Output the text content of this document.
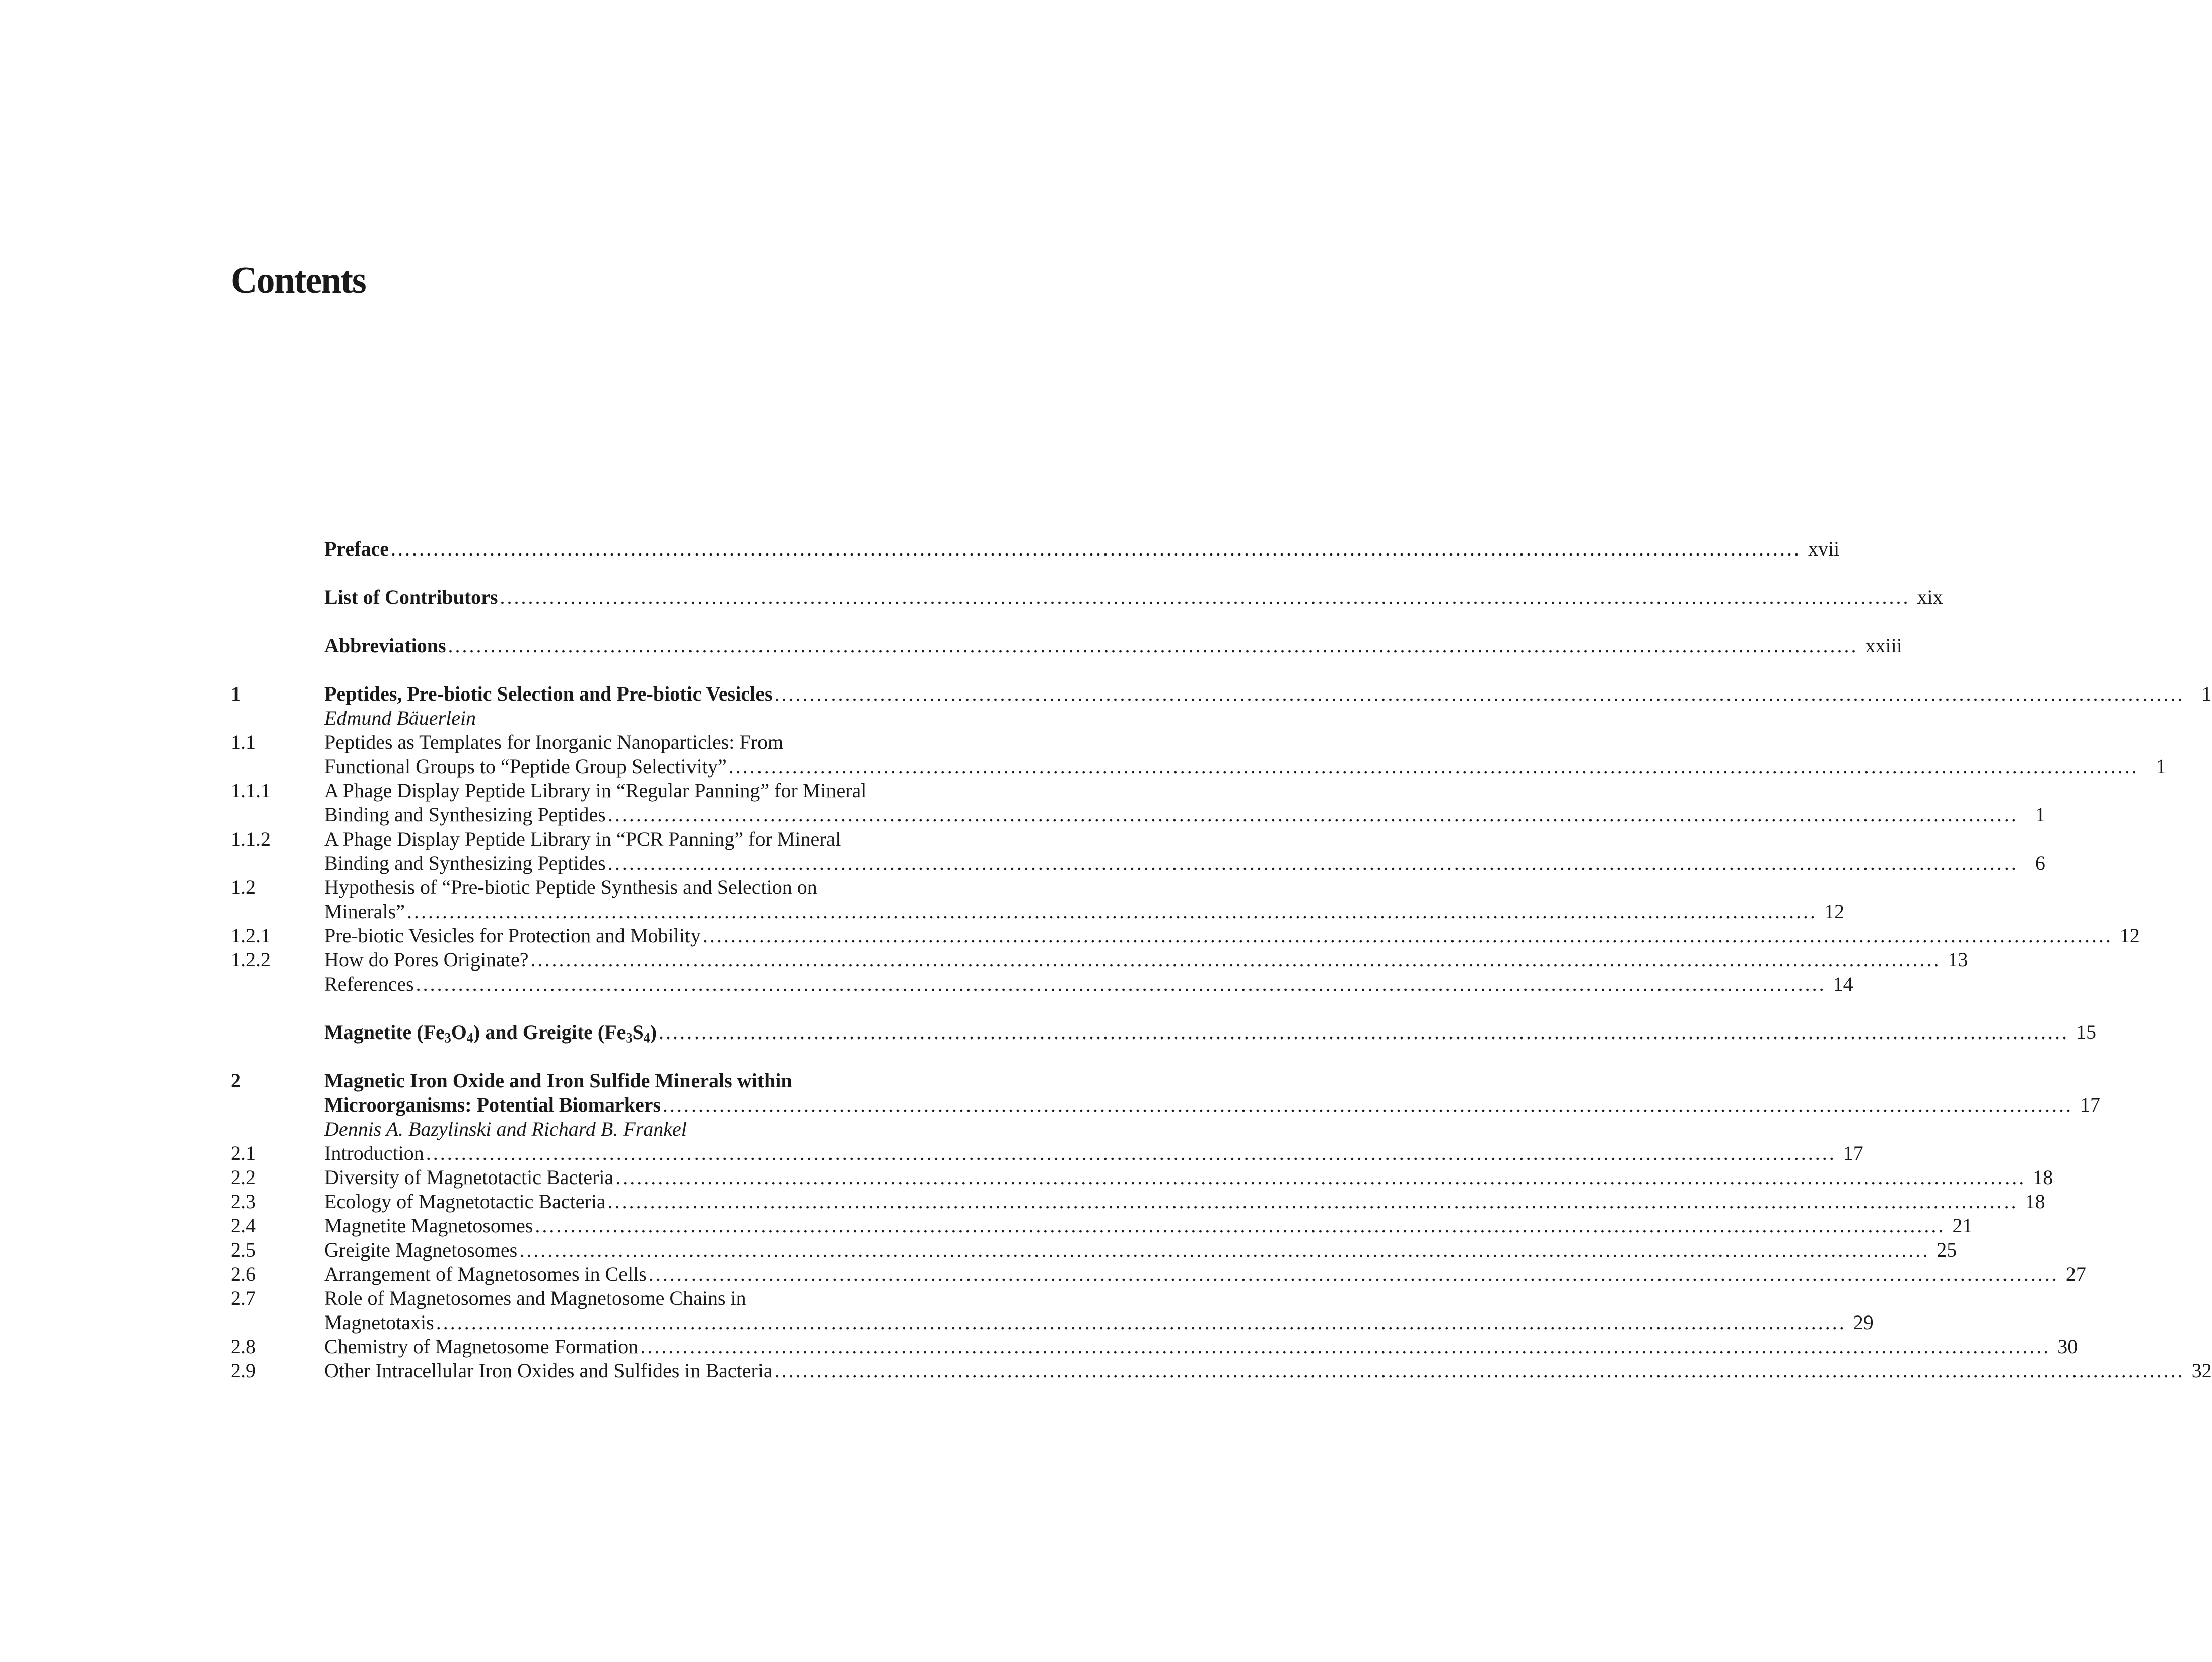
Contents
Preface ........................................................................................................................................................................................................ xvii
List of Contributors ........................................................................................................................................................................................................ xix
Abbreviations ........................................................................................................................................................................................................ xxiii
1	Peptides, Pre-biotic Selection and Pre-biotic Vesicles ........................................................................................................................................................................................................ 1
Edmund Bäuerlein
1.1	Peptides as Templates for Inorganic Nanoparticles: From
Functional Groups to “Peptide Group Selectivity” ........................................................................................................................................................................................................ 1
1.1.1	A Phage Display Peptide Library in “Regular Panning” for Mineral
Binding and Synthesizing Peptides ........................................................................................................................................................................................................ 1
1.1.2	A Phage Display Peptide Library in “PCR Panning” for Mineral
Binding and Synthesizing Peptides ........................................................................................................................................................................................................ 6
1.2	Hypothesis of “Pre-biotic Peptide Synthesis and Selection on
Minerals” ........................................................................................................................................................................................................ 12
1.2.1	Pre-biotic Vesicles for Protection and Mobility ........................................................................................................................................................................................................ 12
1.2.2	How do Pores Originate? ........................................................................................................................................................................................................ 13
References ........................................................................................................................................................................................................ 14
Magnetite $(Fe_3O_4)$ and Greigite $(Fe_3S_4)$ ........................................................................................................................................................................................................ 15
2	Magnetic Iron Oxide and Iron Sulfide Minerals within
Microorganisms: Potential Biomarkers ........................................................................................................................................................................................................ 17
Dennis A. Bazylinski and Richard B. Frankel
2.1	Introduction ........................................................................................................................................................................................................ 17
2.2	Diversity of Magnetotactic Bacteria ........................................................................................................................................................................................................ 18
2.3	Ecology of Magnetotactic Bacteria ........................................................................................................................................................................................................ 18
2.4	Magnetite Magnetosomes ........................................................................................................................................................................................................ 21
2.5	Greigite Magnetosomes ........................................................................................................................................................................................................ 25
2.6	Arrangement of Magnetosomes in Cells ........................................................................................................................................................................................................ 27
2.7	Role of Magnetosomes and Magnetosome Chains in
Magnetotaxis ........................................................................................................................................................................................................ 29
2.8	Chemistry of Magnetosome Formation ........................................................................................................................................................................................................ 30
2.9	Other Intracellular Iron Oxides and Sulfides in Bacteria ........................................................................................................................................................................................................ 32
